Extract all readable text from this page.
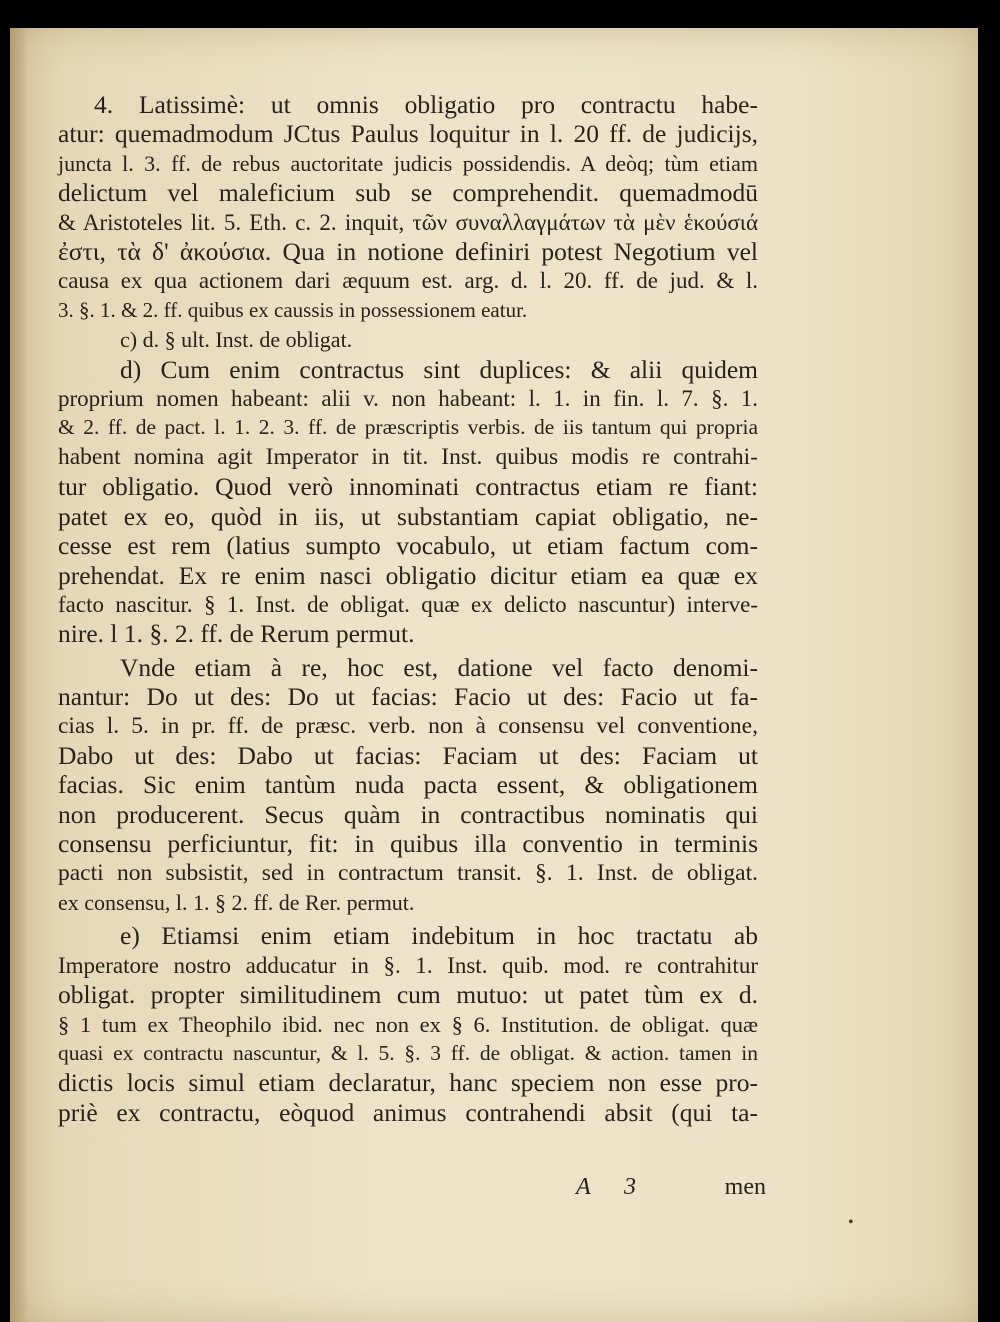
4. Latissimè: ut omnis obligatio pro contractu habe-
atur: quemadmodum JCtus Paulus loquitur in l. 20 ff. de judicijs,
juncta l. 3. ff. de rebus auctoritate judicis possidendis. A deòq; tùm etiam
delictum vel maleficium sub se comprehendit. quemadmodū
& Aristoteles lit. 5. Eth. c. 2. inquit, τῶν συναλλαγμάτων τὰ μὲν ἑκούσιά
ἐστι, τὰ δ' ἀκούσια. Qua in notione definiri potest Negotium vel
causa ex qua actionem dari æquum est. arg. d. l. 20. ff. de jud. & l.
3. §. 1. & 2. ff. quibus ex caussis in possessionem eatur.
c) d. § ult. Inst. de obligat.
d) Cum enim contractus sint duplices: & alii quidem
proprium nomen habeant: alii v. non habeant: l. 1. in fin. l. 7. §. 1.
& 2. ff. de pact. l. 1. 2. 3. ff. de præscriptis verbis. de iis tantum qui propria
habent nomina agit Imperator in tit. Inst. quibus modis re contrahi-
tur obligatio. Quod verò innominati contractus etiam re fiant:
patet ex eo, quòd in iis, ut substantiam capiat obligatio, ne-
cesse est rem (latius sumpto vocabulo, ut etiam factum com-
prehendat. Ex re enim nasci obligatio dicitur etiam ea quæ ex
facto nascitur. § 1. Inst. de obligat. quæ ex delicto nascuntur) interve-
nire. l 1. §. 2. ff. de Rerum permut.
Vnde etiam à re, hoc est, datione vel facto denomi-
nantur: Do ut des: Do ut facias: Facio ut des: Facio ut fa-
cias l. 5. in pr. ff. de præsc. verb. non à consensu vel conventione,
Dabo ut des: Dabo ut facias: Faciam ut des: Faciam ut
facias. Sic enim tantùm nuda pacta essent, & obligationem
non producerent. Secus quàm in contractibus nominatis qui
consensu perficiuntur, fit: in quibus illa conventio in terminis
pacti non subsistit, sed in contractum transit. §. 1. Inst. de obligat.
ex consensu, l. 1. § 2. ff. de Rer. permut.
e) Etiamsi enim etiam indebitum in hoc tractatu ab
Imperatore nostro adducatur in §. 1. Inst. quib. mod. re contrahitur
obligat. propter similitudinem cum mutuo: ut patet tùm ex d.
§ 1 tum ex Theophilo ibid. nec non ex § 6. Institution. de obligat. quæ
quasi ex contractu nascuntur, & l. 5. §. 3 ff. de obligat. & action. tamen in
dictis locis simul etiam declaratur, hanc speciem non esse pro-
priè ex contractu, eòquod animus contrahendi absit (qui ta-
A 3	men
•
